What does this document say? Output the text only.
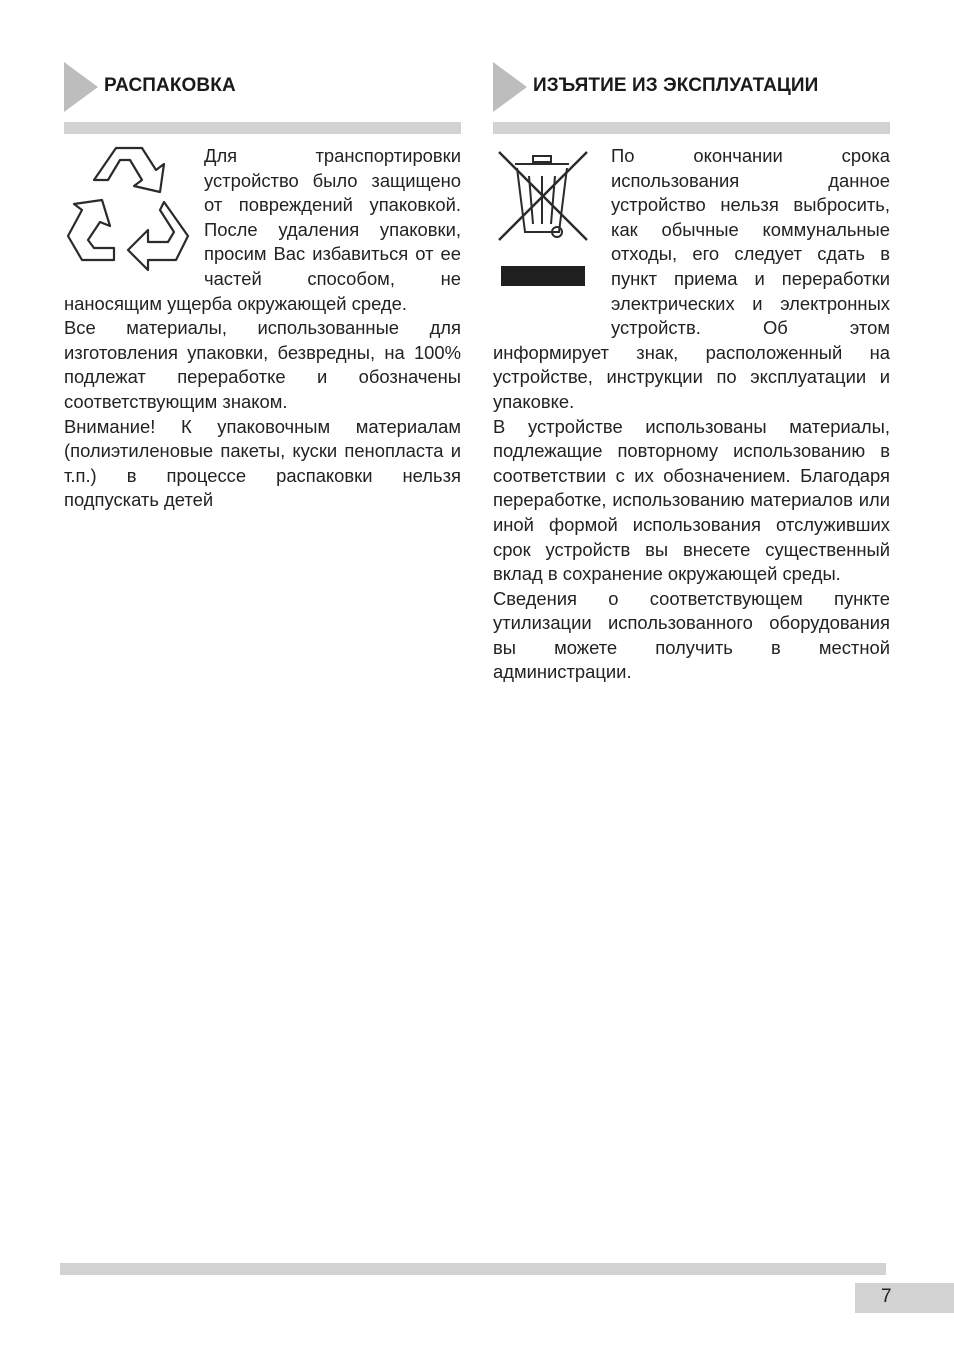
РАСПАКОВКА

Для транспортировки устройство было защищено от повреждений упаковкой. После удаления упаковки, просим Вас избавиться от ее частей способом, не наносящим ущерба окружающей среде.

Все материалы, использованные для изготовления упаковки, безвредны, на 100% подлежат переработке и обозначены соответствующим знаком.

Внимание! К упаковочным материалам (полиэтиленовые пакеты, куски пенопласта и т.п.) в процессе распаковки нельзя подпускать детей

ИЗЪЯТИЕ ИЗ ЭКСПЛУАТАЦИИ

По окончании срока использования данное устройство нельзя выбросить, как обычные коммунальные отходы, его следует сдать в пункт приема и переработки электрических и электронных устройств. Об этом информирует знак, расположенный на устройстве, инструкции по эксплуатации и упаковке.

В устройстве использованы материалы, подлежащие повторному использованию в соответствии с их обозначением. Благодаря переработке, использованию материалов или иной формой использования отслуживших срок устройств вы внесете существенный вклад в сохранение окружающей среды.

Сведения о соответствующем пункте утилизации использованного оборудования вы можете получить в местной администрации.

7
